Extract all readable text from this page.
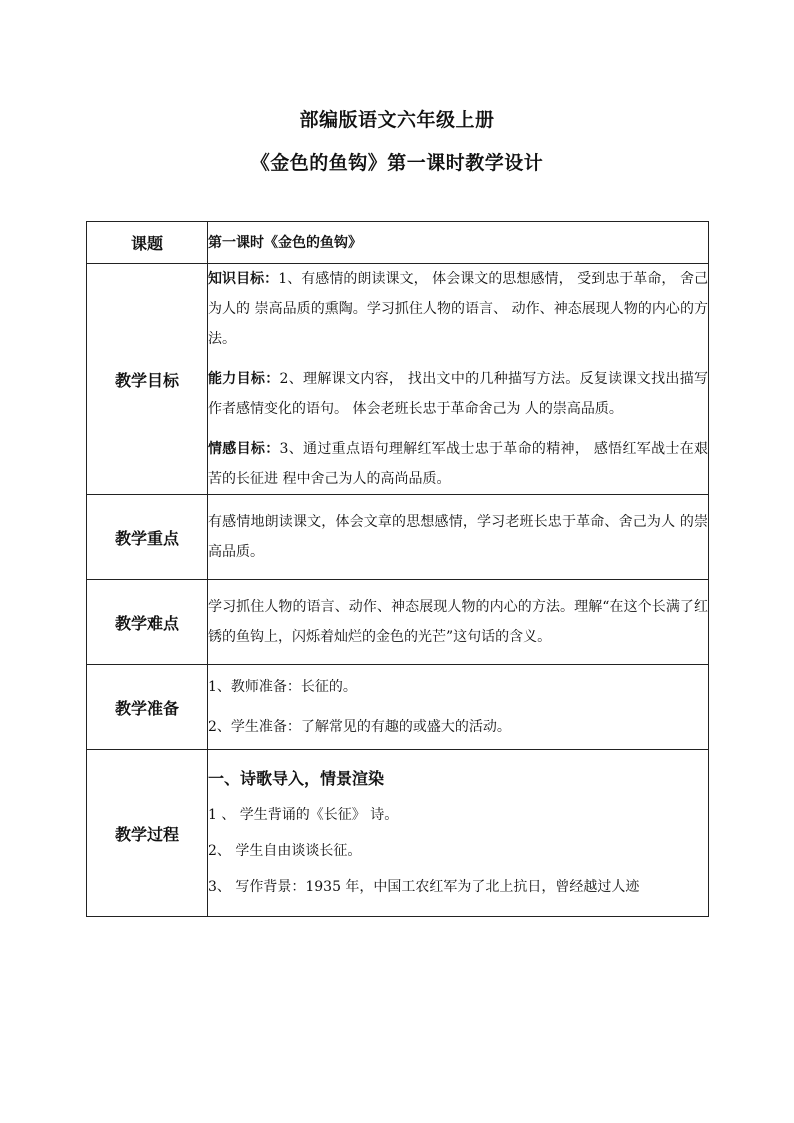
部编版语文六年级上册
《金色的鱼钩》第一课时教学设计
课题	第一课时《金色的鱼钩》
教学目标	知识目标：1、有感情的朗读课文， 体会课文的思想感情， 受到忠于革命， 舍己为人的 崇高品质的熏陶。学习抓住人物的语言、 动作、神态展现人物的内心的方法。

能力目标：2、理解课文内容， 找出文中的几种描写方法。反复读课文找出描写作者感情变化的语句。 体会老班长忠于革命舍己为 人的崇高品质。

情感目标：3、通过重点语句理解红军战士忠于革命的精神， 感悟红军战士在艰苦的长征进 程中舍己为人的高尚品质。

教学重点	有感情地朗读课文，体会文章的思想感情，学习老班长忠于革命、舍己为人 的崇高品质。
教学难点	学习抓住人物的语言、动作、神态展现人物的内心的方法。理解“在这个长满了红锈的鱼钩上，闪烁着灿烂的金色的光芒”这句话的含义。
教学准备	1、教师准备：长征的。
2、学生准备：了解常见的有趣的或盛大的活动。

教学过程	一、诗歌导入，情景渲染
1 、 学生背诵的《长征》 诗。
2、 学生自由谈谈长征。
3、 写作背景：1935 年，中国工农红军为了北上抗日，曾经越过人迹
